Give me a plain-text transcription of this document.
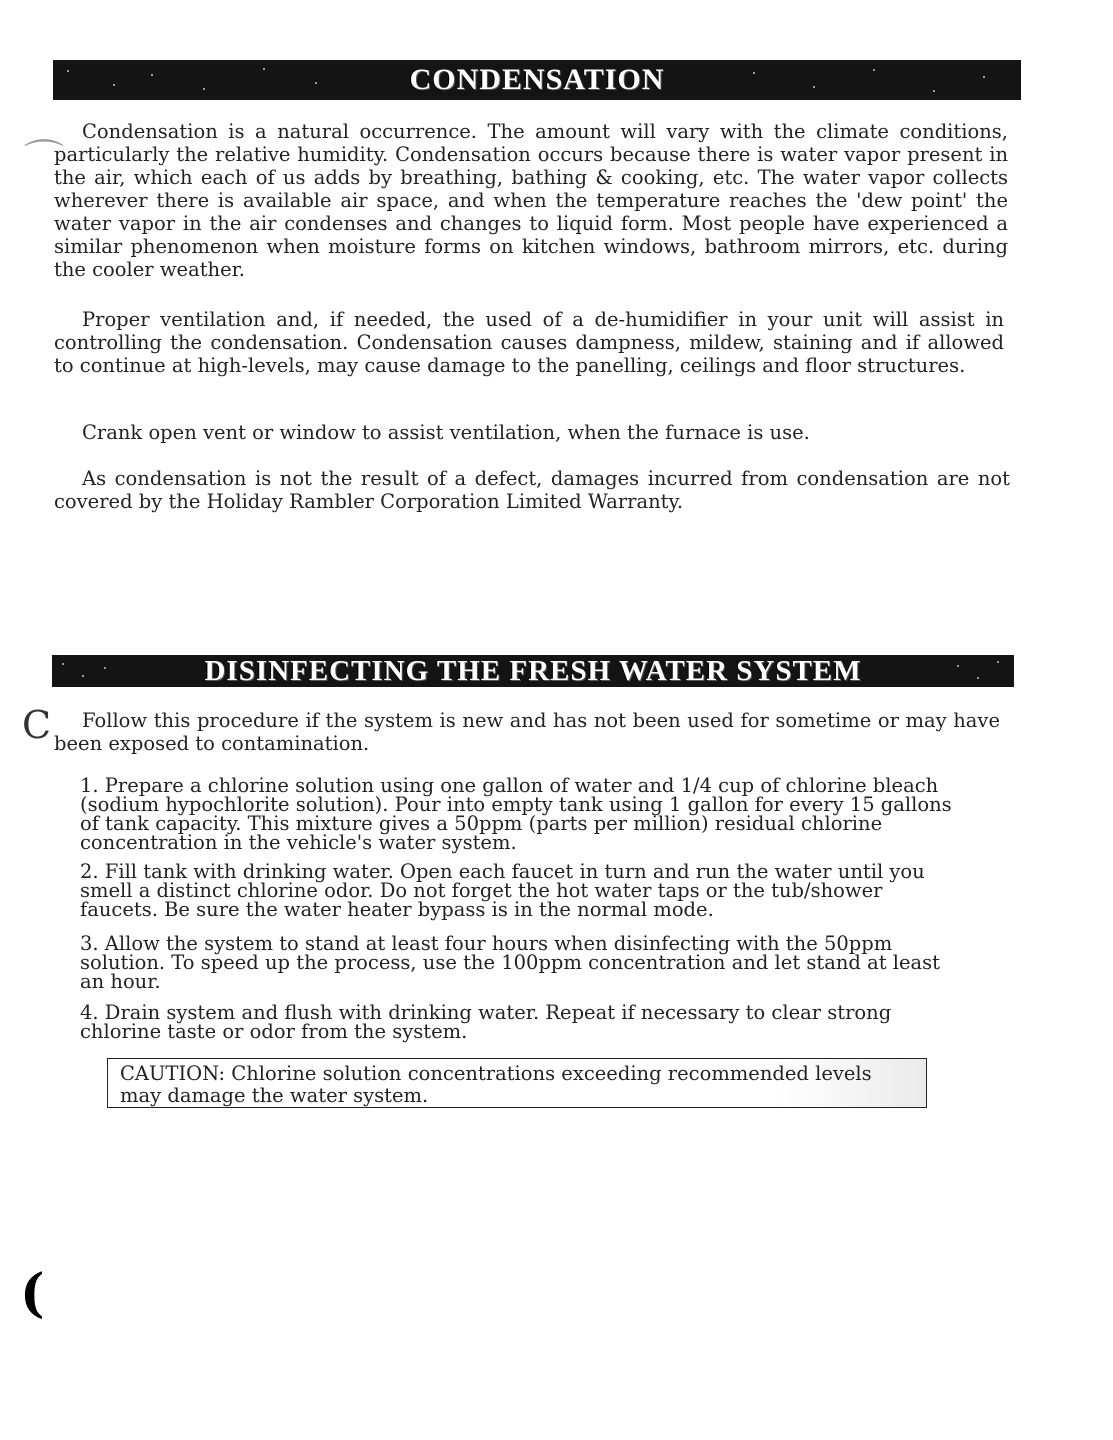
CONDENSATION

Condensation is a natural occurrence. The amount will vary with the climate conditions, particularly the relative humidity. Condensation occurs because there is water vapor present in the air, which each of us adds by breathing, bathing & cooking, etc. The water vapor collects wherever there is available air space, and when the temperature reaches the 'dew point' the water vapor in the air condenses and changes to liquid form. Most people have experienced a similar phenomenon when moisture forms on kitchen windows, bathroom mirrors, etc. during the cooler weather.

Proper ventilation and, if needed, the used of a de-humidifier in your unit will assist in controlling the condensation. Condensation causes dampness, mildew, staining and if allowed to continue at high-levels, may cause damage to the panelling, ceilings and floor structures.

Crank open vent or window to assist ventilation, when the furnace is use.

As condensation is not the result of a defect, damages incurred from condensation are not covered by the Holiday Rambler Corporation Limited Warranty.

DISINFECTING THE FRESH WATER SYSTEM

Follow this procedure if the system is new and has not been used for sometime or may have been exposed to contamination.

1. Prepare a chlorine solution using one gallon of water and 1/4 cup of chlorine bleach (sodium hypochlorite solution). Pour into empty tank using 1 gallon for every 15 gallons of tank capacity. This mixture gives a 50ppm (parts per million) residual chlorine concentration in the vehicle's water system.

2. Fill tank with drinking water. Open each faucet in turn and run the water until you smell a distinct chlorine odor. Do not forget the hot water taps or the tub/shower faucets. Be sure the water heater bypass is in the normal mode.

3. Allow the system to stand at least four hours when disinfecting with the 50ppm solution. To speed up the process, use the 100ppm concentration and let stand at least an hour.

4. Drain system and flush with drinking water. Repeat if necessary to clear strong chlorine taste or odor from the system.

CAUTION: Chlorine solution concentrations exceeding recommended levels may damage the water system.
⌒
C
(
